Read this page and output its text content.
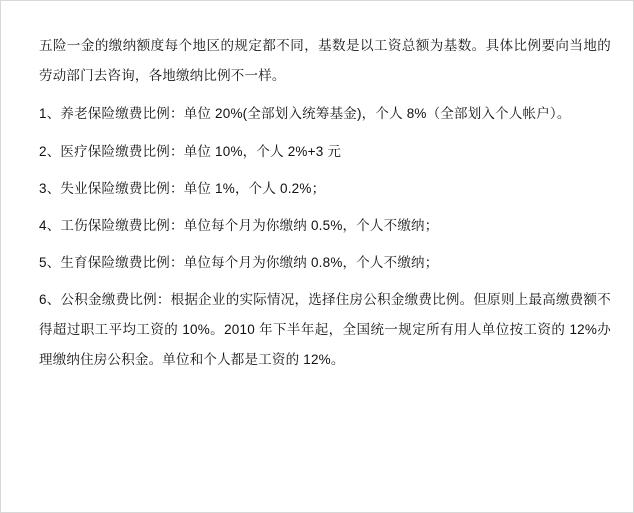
五险一金的缴纳额度每个地区的规定都不同，基数是以工资总额为基数。具体比例要向当地的劳动部门去咨询，各地缴纳比例不一样。

1、养老保险缴费比例：单位 20%(全部划入统筹基金)，个人 8%（全部划入个人帐户）。

2、医疗保险缴费比例：单位 10%，个人 2%+3 元

3、失业保险缴费比例：单位 1%，个人 0.2%；

4、工伤保险缴费比例：单位每个月为你缴纳 0.5%，个人不缴纳；

5、生育保险缴费比例：单位每个月为你缴纳 0.8%，个人不缴纳；

6、公积金缴费比例：根据企业的实际情况，选择住房公积金缴费比例。但原则上最高缴费额不得超过职工平均工资的 10%。2010 年下半年起，全国统一规定所有用人单位按工资的 12%办理缴纳住房公积金。单位和个人都是工资的 12%。
